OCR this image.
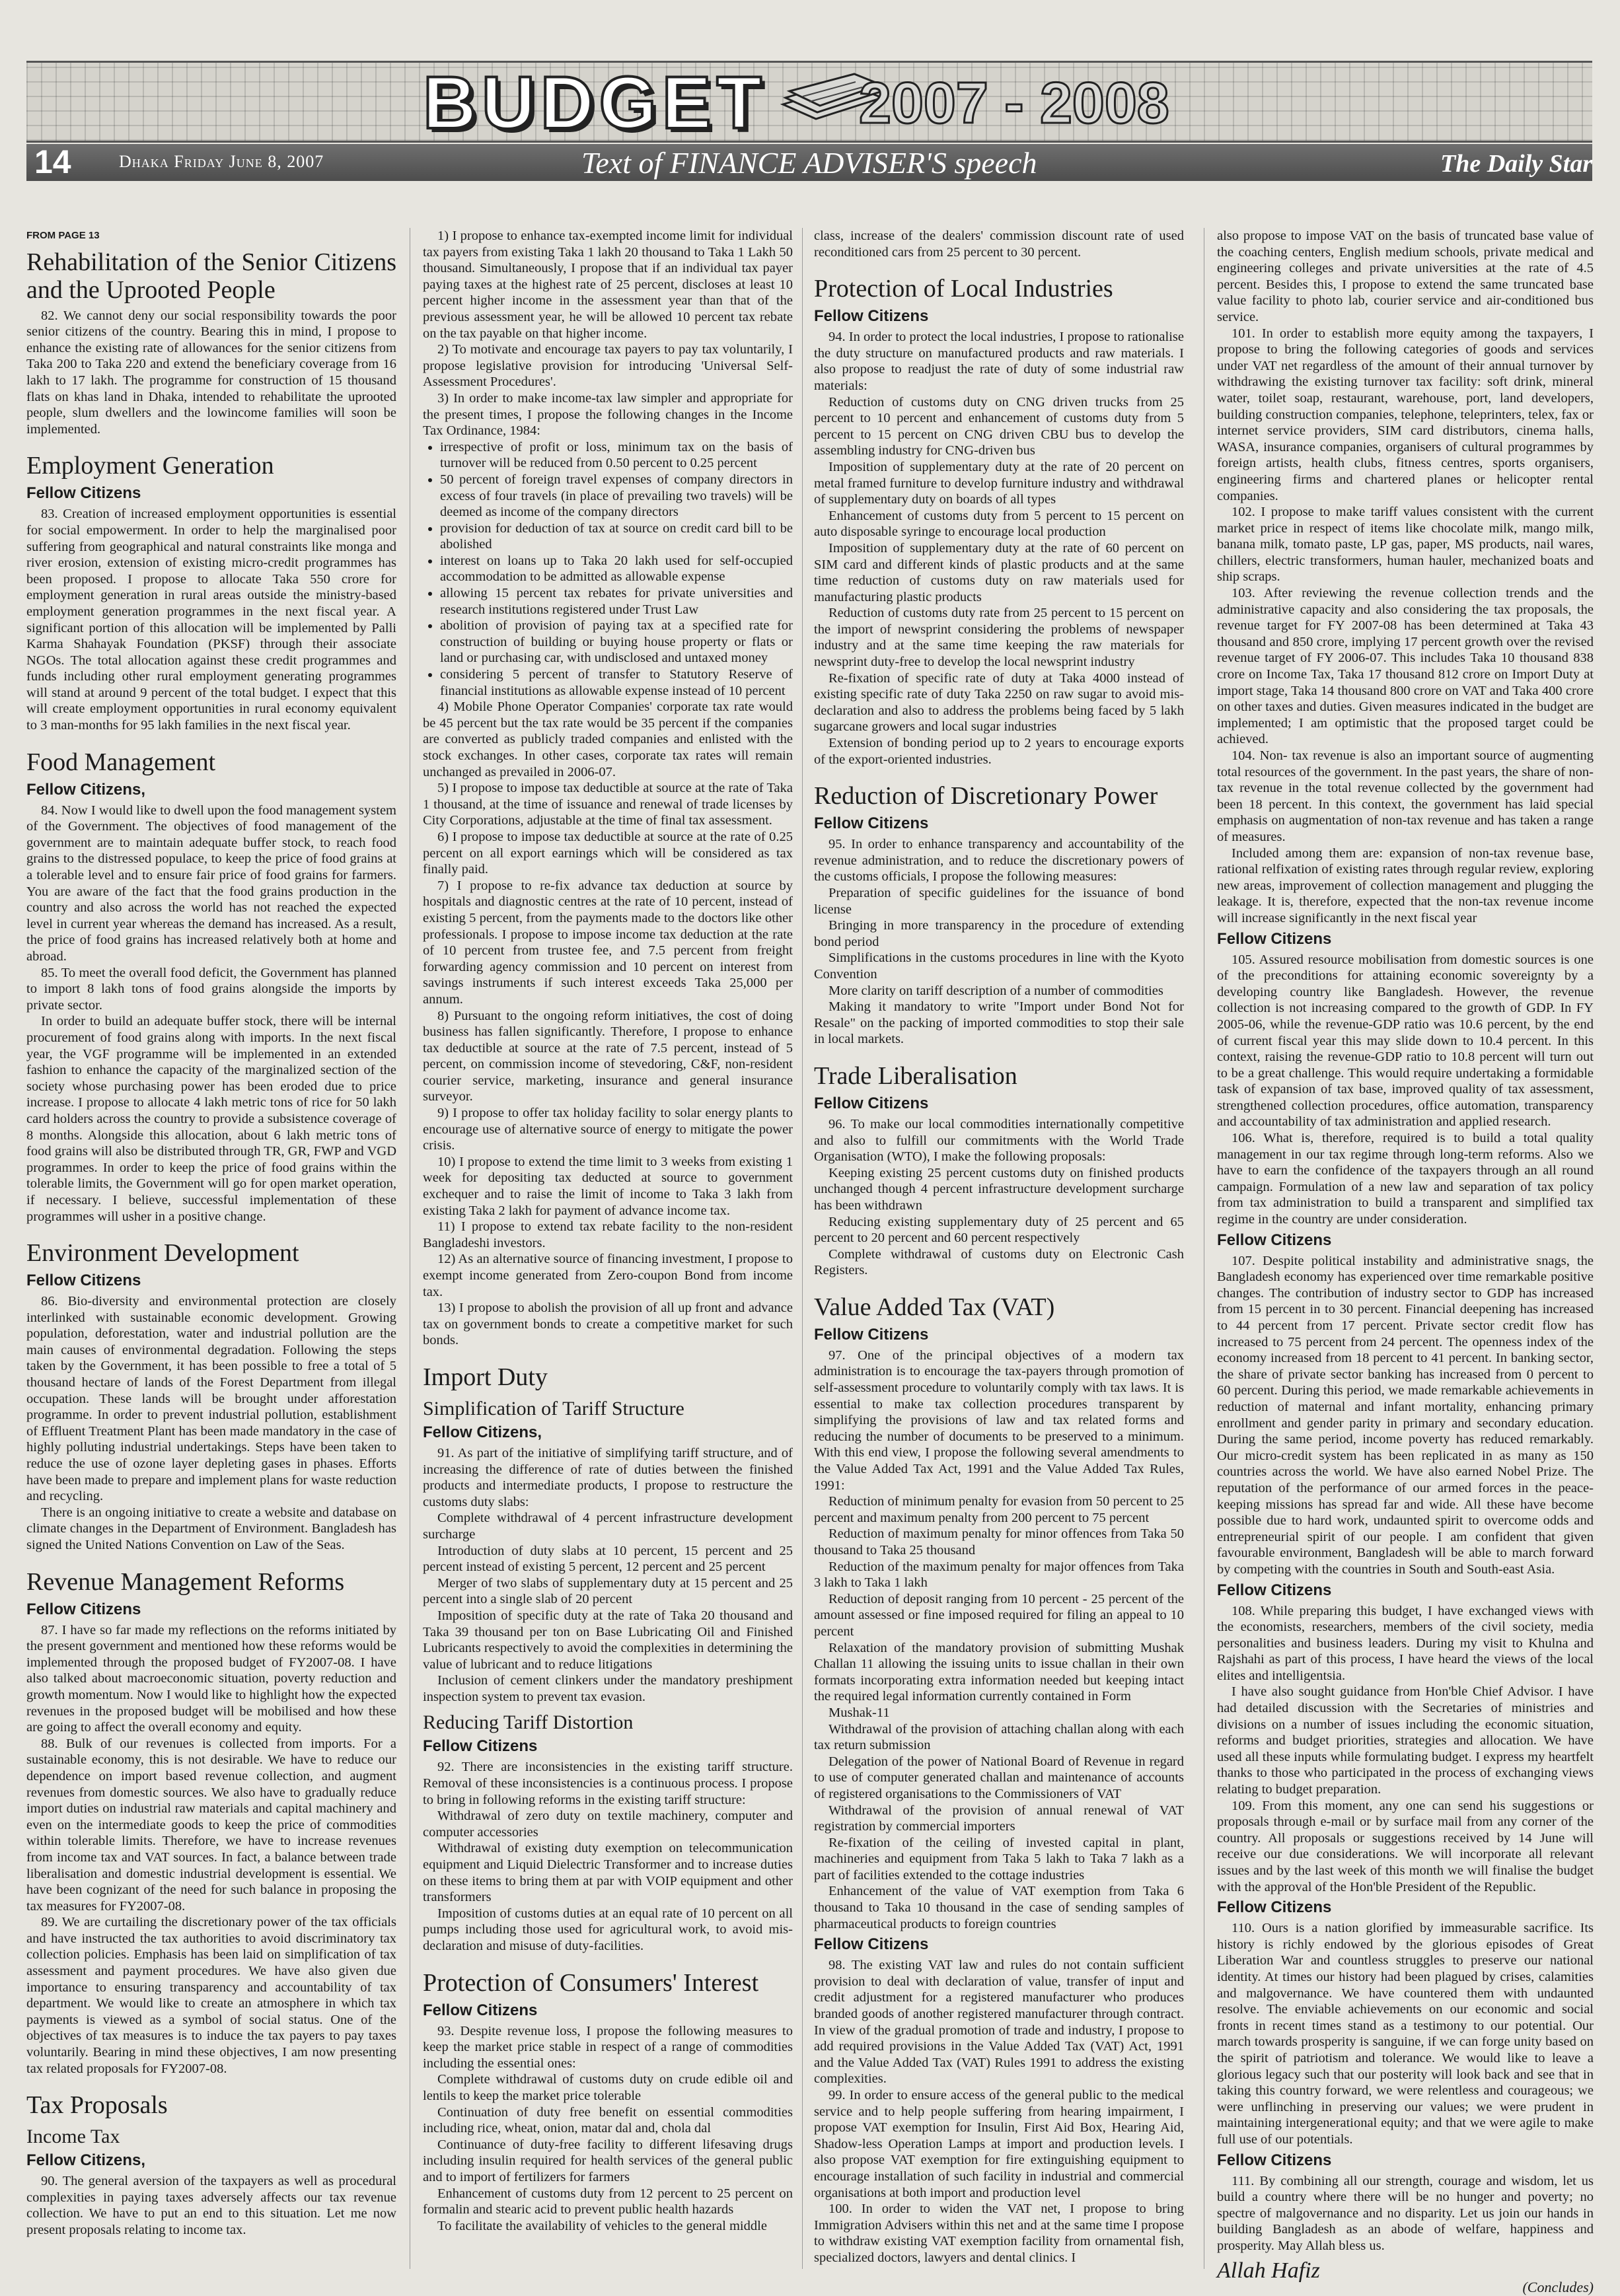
BUDGET 2007 - 2008
14	Dhaka Friday June 8, 2007	Text of FINANCE ADVISER'S speech	The Daily Star
FROM PAGE 13
Rehabilitation of the Senior Citizens and the Uprooted People

82. We cannot deny our social responsibility towards the poor senior citizens of the country. Bearing this in mind, I propose to enhance the existing rate of allowances for the senior citizens from Taka 200 to Taka 220 and extend the beneficiary coverage from 16 lakh to 17 lakh. The programme for construction of 15 thousand flats on khas land in Dhaka, intended to rehabilitate the uprooted people, slum dwellers and the lowincome families will soon be implemented.

Employment Generation
Fellow Citizens

83. Creation of increased employment opportunities is essential for social empowerment. In order to help the marginalised poor suffering from geographical and natural constraints like monga and river erosion, extension of existing micro-credit programmes has been proposed. I propose to allocate Taka 550 crore for employment generation in rural areas outside the ministry-based employment generation programmes in the next fiscal year. A significant portion of this allocation will be implemented by Palli Karma Shahayak Foundation (PKSF) through their associate NGOs. The total allocation against these credit programmes and funds including other rural employment generating programmes will stand at around 9 percent of the total budget. I expect that this will create employment opportunities in rural economy equivalent to 3 man-months for 95 lakh families in the next fiscal year.

Food Management
Fellow Citizens,

84. Now I would like to dwell upon the food management system of the Government. The objectives of food management of the government are to maintain adequate buffer stock, to reach food grains to the distressed populace, to keep the price of food grains at a tolerable level and to ensure fair price of food grains for farmers. You are aware of the fact that the food grains production in the country and also across the world has not reached the expected level in current year whereas the demand has increased. As a result, the price of food grains has increased relatively both at home and abroad.

85. To meet the overall food deficit, the Government has planned to import 8 lakh tons of food grains alongside the imports by private sector.

In order to build an adequate buffer stock, there will be internal procurement of food grains along with imports. In the next fiscal year, the VGF programme will be implemented in an extended fashion to enhance the capacity of the marginalized section of the society whose purchasing power has been eroded due to price increase. I propose to allocate 4 lakh metric tons of rice for 50 lakh card holders across the country to provide a subsistence coverage of 8 months. Alongside this allocation, about 6 lakh metric tons of food grains will also be distributed through TR, GR, FWP and VGD programmes. In order to keep the price of food grains within the tolerable limits, the Government will go for open market operation, if necessary. I believe, successful implementation of these programmes will usher in a positive change.

Environment Development
Fellow Citizens

86. Bio-diversity and environmental protection are closely interlinked with sustainable economic development. Growing population, deforestation, water and industrial pollution are the main causes of environmental degradation. Following the steps taken by the Government, it has been possible to free a total of 5 thousand hectare of lands of the Forest Department from illegal occupation. These lands will be brought under afforestation programme. In order to prevent industrial pollution, establishment of Effluent Treatment Plant has been made mandatory in the case of highly polluting industrial undertakings. Steps have been taken to reduce the use of ozone layer depleting gases in phases. Efforts have been made to prepare and implement plans for waste reduction and recycling.

There is an ongoing initiative to create a website and database on climate changes in the Department of Environment. Bangladesh has signed the United Nations Convention on Law of the Seas.

Revenue Management Reforms
Fellow Citizens

87. I have so far made my reflections on the reforms initiated by the present government and mentioned how these reforms would be implemented through the proposed budget of FY2007-08. I have also talked about macroeconomic situation, poverty reduction and growth momentum. Now I would like to highlight how the expected revenues in the proposed budget will be mobilised and how these are going to affect the overall economy and equity.

88. Bulk of our revenues is collected from imports. For a sustainable economy, this is not desirable. We have to reduce our dependence on import based revenue collection, and augment revenues from domestic sources. We also have to gradually reduce import duties on industrial raw materials and capital machinery and even on the intermediate goods to keep the price of commodities within tolerable limits. Therefore, we have to increase revenues from income tax and VAT sources. In fact, a balance between trade liberalisation and domestic industrial development is essential. We have been cognizant of the need for such balance in proposing the tax measures for FY2007-08.

89. We are curtailing the discretionary power of the tax officials and have instructed the tax authorities to avoid discriminatory tax collection policies. Emphasis has been laid on simplification of tax assessment and payment procedures. We have also given due importance to ensuring transparency and accountability of tax department. We would like to create an atmosphere in which tax payments is viewed as a symbol of social status. One of the objectives of tax measures is to induce the tax payers to pay taxes voluntarily. Bearing in mind these objectives, I am now presenting tax related proposals for FY2007-08.

Tax Proposals
Income Tax
Fellow Citizens,

90. The general aversion of the taxpayers as well as procedural complexities in paying taxes adversely affects our tax revenue collection. We have to put an end to this situation. Let me now present proposals relating to income tax.

1) I propose to enhance tax-exempted income limit for individual tax payers from existing Taka 1 lakh 20 thousand to Taka 1 Lakh 50 thousand. Simultaneously, I propose that if an individual tax payer paying taxes at the highest rate of 25 percent, discloses at least 10 percent higher income in the assessment year than that of the previous assessment year, he will be allowed 10 percent tax rebate on the tax payable on that higher income.

2) To motivate and encourage tax payers to pay tax voluntarily, I propose legislative provision for introducing 'Universal Self-Assessment Procedures'.

3) In order to make income-tax law simpler and appropriate for the present times, I propose the following changes in the Income Tax Ordinance, 1984:

• irrespective of profit or loss, minimum tax on the basis of turnover will be reduced from 0.50 percent to 0.25 percent
• 50 percent of foreign travel expenses of company directors in excess of four travels (in place of prevailing two travels) will be deemed as income of the company directors
• provision for deduction of tax at source on credit card bill to be abolished
• interest on loans up to Taka 20 lakh used for self-occupied accommodation to be admitted as allowable expense
• allowing 15 percent tax rebates for private universities and research institutions registered under Trust Law
• abolition of provision of paying tax at a specified rate for construction of building or buying house property or flats or land or purchasing car, with undisclosed and untaxed money
• considering 5 percent of transfer to Statutory Reserve of financial institutions as allowable expense instead of 10 percent

4) Mobile Phone Operator Companies' corporate tax rate would be 45 percent but the tax rate would be 35 percent if the companies are converted as publicly traded companies and enlisted with the stock exchanges. In other cases, corporate tax rates will remain unchanged as prevailed in 2006-07.

5) I propose to impose tax deductible at source at the rate of Taka 1 thousand, at the time of issuance and renewal of trade licenses by City Corporations, adjustable at the time of final tax assessment.

6) I propose to impose tax deductible at source at the rate of 0.25 percent on all export earnings which will be considered as tax finally paid.

7) I propose to re-fix advance tax deduction at source by hospitals and diagnostic centres at the rate of 10 percent, instead of existing 5 percent, from the payments made to the doctors like other professionals. I propose to impose income tax deduction at the rate of 10 percent from trustee fee, and 7.5 percent from freight forwarding agency commission and 10 percent on interest from savings instruments if such interest exceeds Taka 25,000 per annum.

8) Pursuant to the ongoing reform initiatives, the cost of doing business has fallen significantly. Therefore, I propose to enhance tax deductible at source at the rate of 7.5 percent, instead of 5 percent, on commission income of stevedoring, C&F, non-resident courier service, marketing, insurance and general insurance surveyor.

9) I propose to offer tax holiday facility to solar energy plants to encourage use of alternative source of energy to mitigate the power crisis.

10) I propose to extend the time limit to 3 weeks from existing 1 week for depositing tax deducted at source to government exchequer and to raise the limit of income to Taka 3 lakh from existing Taka 2 lakh for payment of advance income tax.

11) I propose to extend tax rebate facility to the non-resident Bangladeshi investors.

12) As an alternative source of financing investment, I propose to exempt income generated from Zero-coupon Bond from income tax.

13) I propose to abolish the provision of all up front and advance tax on government bonds to create a competitive market for such bonds.

Import Duty
Simplification of Tariff Structure
Fellow Citizens,

91. As part of the initiative of simplifying tariff structure, and of increasing the difference of rate of duties between the finished products and intermediate products, I propose to restructure the customs duty slabs:

Complete withdrawal of 4 percent infrastructure development surcharge

Introduction of duty slabs at 10 percent, 15 percent and 25 percent instead of existing 5 percent, 12 percent and 25 percent

Merger of two slabs of supplementary duty at 15 percent and 25 percent into a single slab of 20 percent

Imposition of specific duty at the rate of Taka 20 thousand and Taka 39 thousand per ton on Base Lubricating Oil and Finished Lubricants respectively to avoid the complexities in determining the value of lubricant and to reduce litigations

Inclusion of cement clinkers under the mandatory preshipment inspection system to prevent tax evasion.

Reducing Tariff Distortion
Fellow Citizens

92. There are inconsistencies in the existing tariff structure. Removal of these inconsistencies is a continuous process. I propose to bring in following reforms in the existing tariff structure:

Withdrawal of zero duty on textile machinery, computer and computer accessories

Withdrawal of existing duty exemption on telecommunication equipment and Liquid Dielectric Transformer and to increase duties on these items to bring them at par with VOIP equipment and other transformers

Imposition of customs duties at an equal rate of 10 percent on all pumps including those used for agricultural work, to avoid mis-declaration and misuse of duty-facilities.

Protection of Consumers' Interest
Fellow Citizens

93. Despite revenue loss, I propose the following measures to keep the market price stable in respect of a range of commodities including the essential ones:

Complete withdrawal of customs duty on crude edible oil and lentils to keep the market price tolerable

Continuation of duty free benefit on essential commodities including rice, wheat, onion, matar dal and, chola dal

Continuance of duty-free facility to different lifesaving drugs including insulin required for health services of the general public and to import of fertilizers for farmers

Enhancement of customs duty from 12 percent to 25 percent on formalin and stearic acid to prevent public health hazards

To facilitate the availability of vehicles to the general middle

class, increase of the dealers' commission discount rate of used reconditioned cars from 25 percent to 30 percent.

Protection of Local Industries
Fellow Citizens

94. In order to protect the local industries, I propose to rationalise the duty structure on manufactured products and raw materials. I also propose to readjust the rate of duty of some industrial raw materials:

Reduction of customs duty on CNG driven trucks from 25 percent to 10 percent and enhancement of customs duty from 5 percent to 15 percent on CNG driven CBU bus to develop the assembling industry for CNG-driven bus

Imposition of supplementary duty at the rate of 20 percent on metal framed furniture to develop furniture industry and withdrawal of supplementary duty on boards of all types

Enhancement of customs duty from 5 percent to 15 percent on auto disposable syringe to encourage local production

Imposition of supplementary duty at the rate of 60 percent on SIM card and different kinds of plastic products and at the same time reduction of customs duty on raw materials used for manufacturing plastic products

Reduction of customs duty rate from 25 percent to 15 percent on the import of newsprint considering the problems of newspaper industry and at the same time keeping the raw materials for newsprint duty-free to develop the local newsprint industry

Re-fixation of specific rate of duty at Taka 4000 instead of existing specific rate of duty Taka 2250 on raw sugar to avoid mis-declaration and also to address the problems being faced by 5 lakh sugarcane growers and local sugar industries

Extension of bonding period up to 2 years to encourage exports of the export-oriented industries.

Reduction of Discretionary Power
Fellow Citizens

95. In order to enhance transparency and accountability of the revenue administration, and to reduce the discretionary powers of the customs officials, I propose the following measures:

Preparation of specific guidelines for the issuance of bond license

Bringing in more transparency in the procedure of extending bond period

Simplifications in the customs procedures in line with the Kyoto Convention

More clarity on tariff description of a number of commodities

Making it mandatory to write "Import under Bond Not for Resale" on the packing of imported commodities to stop their sale in local markets.

Trade Liberalisation
Fellow Citizens

96. To make our local commodities internationally competitive and also to fulfill our commitments with the World Trade Organisation (WTO), I make the following proposals:

Keeping existing 25 percent customs duty on finished products unchanged though 4 percent infrastructure development surcharge has been withdrawn

Reducing existing supplementary duty of 25 percent and 65 percent to 20 percent and 60 percent respectively

Complete withdrawal of customs duty on Electronic Cash Registers.

Value Added Tax (VAT)
Fellow Citizens

97. One of the principal objectives of a modern tax administration is to encourage the tax-payers through promotion of self-assessment procedure to voluntarily comply with tax laws. It is essential to make tax collection procedures transparent by simplifying the provisions of law and tax related forms and reducing the number of documents to be preserved to a minimum. With this end view, I propose the following several amendments to the Value Added Tax Act, 1991 and the Value Added Tax Rules, 1991:

Reduction of minimum penalty for evasion from 50 percent to 25 percent and maximum penalty from 200 percent to 75 percent

Reduction of maximum penalty for minor offences from Taka 50 thousand to Taka 25 thousand

Reduction of the maximum penalty for major offences from Taka 3 lakh to Taka 1 lakh

Reduction of deposit ranging from 10 percent - 25 percent of the amount assessed or fine imposed required for filing an appeal to 10 percent

Relaxation of the mandatory provision of submitting Mushak Challan 11 allowing the issuing units to issue challan in their own formats incorporating extra information needed but keeping intact the required legal information currently contained in Form

Mushak-11

Withdrawal of the provision of attaching challan along with each tax return submission

Delegation of the power of National Board of Revenue in regard to use of computer generated challan and maintenance of accounts of registered organisations to the Commissioners of VAT

Withdrawal of the provision of annual renewal of VAT registration by commercial importers

Re-fixation of the ceiling of invested capital in plant, machineries and equipment from Taka 5 lakh to Taka 7 lakh as a part of facilities extended to the cottage industries

Enhancement of the value of VAT exemption from Taka 6 thousand to Taka 10 thousand in the case of sending samples of pharmaceutical products to foreign countries

Fellow Citizens

98. The existing VAT law and rules do not contain sufficient provision to deal with declaration of value, transfer of input and credit adjustment for a registered manufacturer who produces branded goods of another registered manufacturer through contract. In view of the gradual promotion of trade and industry, I propose to add required provisions in the Value Added Tax (VAT) Act, 1991 and the Value Added Tax (VAT) Rules 1991 to address the existing complexities.

99. In order to ensure access of the general public to the medical service and to help people suffering from hearing impairment, I propose VAT exemption for Insulin, First Aid Box, Hearing Aid, Shadow-less Operation Lamps at import and production levels. I also propose VAT exemption for fire extinguishing equipment to encourage installation of such facility in industrial and commercial organisations at both import and production level

100. In order to widen the VAT net, I propose to bring Immigration Advisers within this net and at the same time I propose to withdraw existing VAT exemption facility from ornamental fish, specialized doctors, lawyers and dental clinics. I

also propose to impose VAT on the basis of truncated base value of the coaching centers, English medium schools, private medical and engineering colleges and private universities at the rate of 4.5 percent. Besides this, I propose to extend the same truncated base value facility to photo lab, courier service and air-conditioned bus service.

101. In order to establish more equity among the taxpayers, I propose to bring the following categories of goods and services under VAT net regardless of the amount of their annual turnover by withdrawing the existing turnover tax facility: soft drink, mineral water, toilet soap, restaurant, warehouse, port, land developers, building construction companies, telephone, teleprinters, telex, fax or internet service providers, SIM card distributors, cinema halls, WASA, insurance companies, organisers of cultural programmes by foreign artists, health clubs, fitness centres, sports organisers, engineering firms and chartered planes or helicopter rental companies.

102. I propose to make tariff values consistent with the current market price in respect of items like chocolate milk, mango milk, banana milk, tomato paste, LP gas, paper, MS products, nail wares, chillers, electric transformers, human hauler, mechanized boats and ship scraps.

103. After reviewing the revenue collection trends and the administrative capacity and also considering the tax proposals, the revenue target for FY 2007-08 has been determined at Taka 43 thousand and 850 crore, implying 17 percent growth over the revised revenue target of FY 2006-07. This includes Taka 10 thousand 838 crore on Income Tax, Taka 17 thousand 812 crore on Import Duty at import stage, Taka 14 thousand 800 crore on VAT and Taka 400 crore on other taxes and duties. Given measures indicated in the budget are implemented; I am optimistic that the proposed target could be achieved.

104. Non- tax revenue is also an important source of augmenting total resources of the government. In the past years, the share of non-tax revenue in the total revenue collected by the government had been 18 percent. In this context, the government has laid special emphasis on augmentation of non-tax revenue and has taken a range of measures.

Included among them are: expansion of non-tax revenue base, rational relfixation of existing rates through regular review, exploring new areas, improvement of collection management and plugging the leakage. It is, therefore, expected that the non-tax revenue income will increase significantly in the next fiscal year

Fellow Citizens

105. Assured resource mobilisation from domestic sources is one of the preconditions for attaining economic sovereignty by a developing country like Bangladesh. However, the revenue collection is not increasing compared to the growth of GDP. In FY 2005-06, while the revenue-GDP ratio was 10.6 percent, by the end of current fiscal year this may slide down to 10.4 percent. In this context, raising the revenue-GDP ratio to 10.8 percent will turn out to be a great challenge. This would require undertaking a formidable task of expansion of tax base, improved quality of tax assessment, strengthened collection procedures, office automation, transparency and accountability of tax administration and applied research.

106. What is, therefore, required is to build a total quality management in our tax regime through long-term reforms. Also we have to earn the confidence of the taxpayers through an all round campaign. Formulation of a new law and separation of tax policy from tax administration to build a transparent and simplified tax regime in the country are under consideration.

Fellow Citizens

107. Despite political instability and administrative snags, the Bangladesh economy has experienced over time remarkable positive changes. The contribution of industry sector to GDP has increased from 15 percent in to 30 percent. Financial deepening has increased to 44 percent from 17 percent. Private sector credit flow has increased to 75 percent from 24 percent. The openness index of the economy increased from 18 percent to 41 percent. In banking sector, the share of private sector banking has increased from 0 percent to 60 percent. During this period, we made remarkable achievements in reduction of maternal and infant mortality, enhancing primary enrollment and gender parity in primary and secondary education. During the same period, income poverty has reduced remarkably. Our micro-credit system has been replicated in as many as 150 countries across the world. We have also earned Nobel Prize. The reputation of the performance of our armed forces in the peace-keeping missions has spread far and wide. All these have become possible due to hard work, undaunted spirit to overcome odds and entrepreneurial spirit of our people. I am confident that given favourable environment, Bangladesh will be able to march forward by competing with the countries in South and South-east Asia.

Fellow Citizens

108. While preparing this budget, I have exchanged views with the economists, researchers, members of the civil society, media personalities and business leaders. During my visit to Khulna and Rajshahi as part of this process, I have heard the views of the local elites and intelligentsia.

I have also sought guidance from Hon'ble Chief Advisor. I have had detailed discussion with the Secretaries of ministries and divisions on a number of issues including the economic situation, reforms and budget priorities, strategies and allocation. We have used all these inputs while formulating budget. I express my heartfelt thanks to those who participated in the process of exchanging views relating to budget preparation.

109. From this moment, any one can send his suggestions or proposals through e-mail or by surface mail from any corner of the country. All proposals or suggestions received by 14 June will receive our due considerations. We will incorporate all relevant issues and by the last week of this month we will finalise the budget with the approval of the Hon'ble President of the Republic.

Fellow Citizens

110. Ours is a nation glorified by immeasurable sacrifice. Its history is richly endowed by the glorious episodes of Great Liberation War and countless struggles to preserve our national identity. At times our history had been plagued by crises, calamities and malgovernance. We have countered them with undaunted resolve. The enviable achievements on our economic and social fronts in recent times stand as a testimony to our potential. Our march towards prosperity is sanguine, if we can forge unity based on the spirit of patriotism and tolerance. We would like to leave a glorious legacy such that our posterity will look back and see that in taking this country forward, we were relentless and courageous; we were unflinching in preserving our values; we were prudent in maintaining intergenerational equity; and that we were agile to make full use of our potentials.

Fellow Citizens

111. By combining all our strength, courage and wisdom, let us build a country where there will be no hunger and poverty; no spectre of malgovernance and no disparity. Let us join our hands in building Bangladesh as an abode of welfare, happiness and prosperity. May Allah bless us.

Allah Hafiz
(Concludes)
